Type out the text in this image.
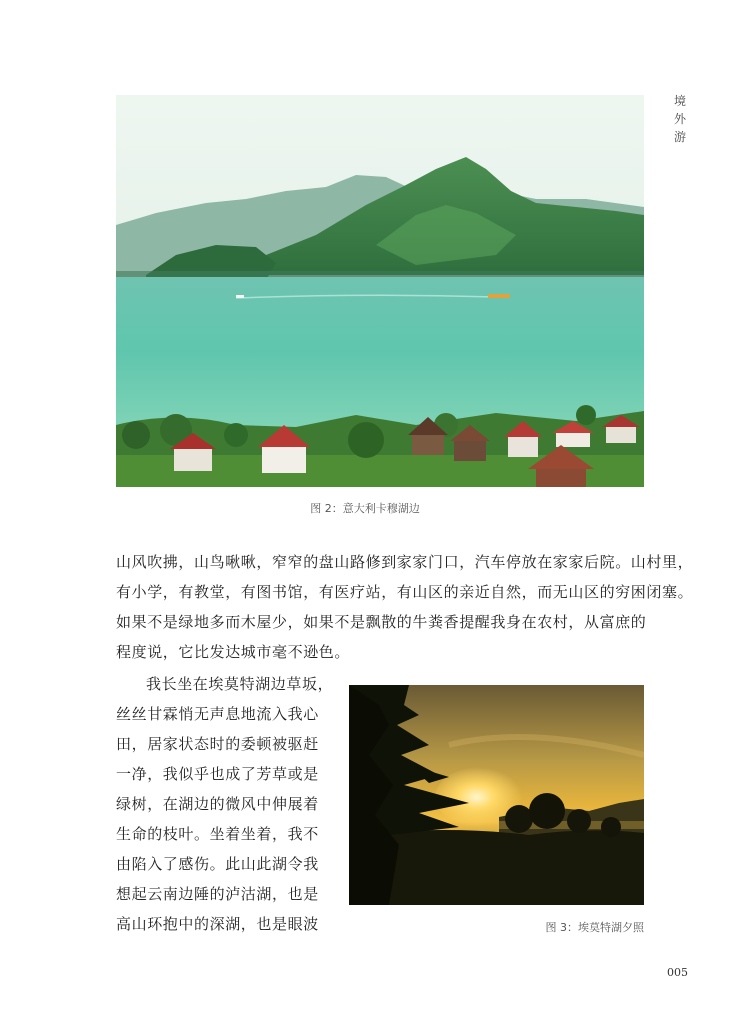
境外游
图 2：意大利卡穆湖边
山风吹拂，山鸟啾啾，窄窄的盘山路修到家家门口，汽车停放在家家后院。山村里，
有小学，有教堂，有图书馆，有医疗站，有山区的亲近自然，而无山区的穷困闭塞。
如果不是绿地多而木屋少，如果不是飘散的牛粪香提醒我身在农村，从富庶的
程度说，它比发达城市毫不逊色。
我长坐在埃莫特湖边草坂，
丝丝甘霖悄无声息地流入我心
田，居家状态时的委顿被驱赶
一净，我似乎也成了芳草或是
绿树，在湖边的微风中伸展着
生命的枝叶。坐着坐着，我不
由陷入了感伤。此山此湖令我
想起云南边陲的泸沽湖，也是
高山环抱中的深湖，也是眼波	图 3：埃莫特湖夕照
005
